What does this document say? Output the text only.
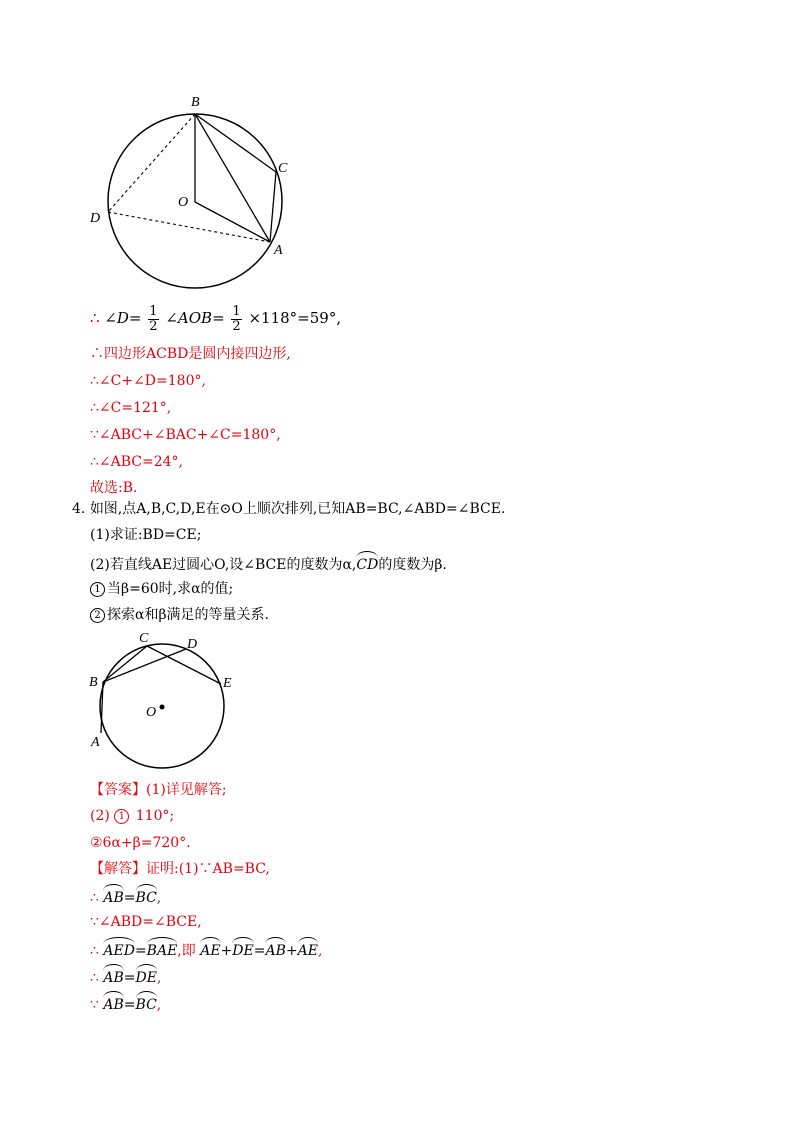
B
C
O
D
A
∴ ∠D= $\frac{1}{2}$ ∠AOB= $\frac{1}{2} \times 118^\circ=59^\circ$,
∴四边形ACBD是圆内接四边形,
∴∠C+∠D=180°,
∴∠C=121°,
∵∠ABC+∠BAC+∠C=180°,
∴∠ABC=24°,
故选:B.
4. 如图,点A,B,C,D,E在⊙O上顺次排列,已知AB=BC,∠ABD=∠BCE.
(1)求证:BD=CE;
(2)若直线AE过圆心O,设∠BCE的度数为α,CD的度数为β.
1 当β=60时,求α的值;
2 探索α和β满足的等量关系.
C	D
B	E
O
A
【答案】(1)详见解答;
(2) 1 110°;
②6α+β=720°.
【解答】证明:(1)∵AB=BC,
∴ AB=BC,
∵∠ABD=∠BCE,
∴ AED=BAE,即 AE+DE=AB+AE,
∴ AB=DE,
∵ AB=BC,
